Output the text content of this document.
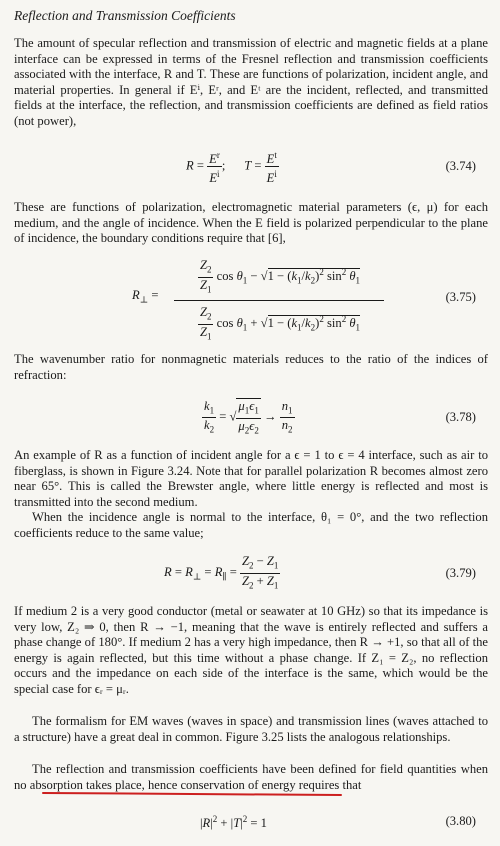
Reflection and Transmission Coefficients

The amount of specular reflection and transmission of electric and magnetic fields at a plane interface can be expressed in terms of the Fresnel reflection and transmission coefficients associated with the interface, R and T. These are functions of polarization, incident angle, and material properties. In general if Eⁱ, Eʳ, and Eᵗ are the incident, reflected, and transmitted fields at the interface, the reflection, and transmission coefficients are defined as field ratios (not power),

$R = \frac{E^r}{E^i}$ ;      $T = \frac{E^t}{E^i}$	(3.74)

These are functions of polarization, electromagnetic material parameters (ϵ, μ) for each medium, and the angle of incidence. When the E field is polarized perpendicular to the plane of incidence, the boundary conditions require that [6],

$R_\perp$ =	$\frac{Z_2}{Z_1}$ $\cos \theta_1 - √1 - (k_1/k_2)^2$ $\sin^2 \theta_1$
$\frac{Z_2}{Z_1}$ $\cos \theta_1 + √1 - (k_1/k_2)^2$ $\sin^2 \theta_1$
(3.75)

The wavenumber ratio for nonmagnetic materials reduces to the ratio of the indices of refraction:

$\frac{k_1}{k_2}$ = √ $\frac{\mu_1\epsilon_1}{\mu_2\epsilon_2} \to \frac{n_1}{n_2}$	(3.78)

An example of R as a function of incident angle for a ϵ = 1 to ϵ = 4 interface, such as air to fiberglass, is shown in Figure 3.24. Note that for parallel polarization R becomes almost zero near 65°. This is called the Brewster angle, where little energy is reflected and most is transmitted into the second medium.

When the incidence angle is normal to the interface, θ₁ = 0°, and the two reflection coefficients reduce to the same value;

$R = R_\perp = R_\parallel = \frac{Z_2 - Z_1}{Z_2 + Z_1}$	(3.79)

If medium 2 is a very good conductor (metal or seawater at 10 GHz) so that its impedance is very low, Z₂ ⇒ 0, then R → −1, meaning that the wave is entirely reflected and suffers a phase change of 180°. If medium 2 has a very high impedance, then R → +1, so that all of the energy is again reflected, but this time without a phase change. If Z₁ = Z₂, no reflection occurs and the impedance on each side of the interface is the same, which would be the special case for ϵᵣ = μᵣ.

The formalism for EM waves (waves in space) and transmission lines (waves attached to a structure) have a great deal in common. Figure 3.25 lists the analogous relationships.

The reflection and transmission coefficients have been defined for field quantities when no absorption takes place, hence conservation of energy requires that

$|R|^2 + |T|^2 = 1$	(3.80)
